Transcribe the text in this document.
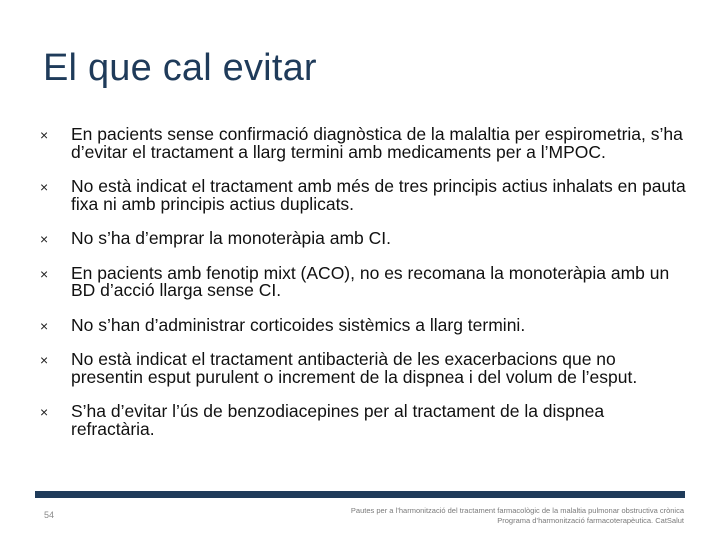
El que cal evitar
× En pacients sense confirmació diagnòstica de la malaltia per espirometria, s’ha d’evitar el tractament a llarg termini amb medicaments per a l’MPOC.
× No està indicat el tractament amb més de tres principis actius inhalats en pauta fixa ni amb principis actius duplicats.
× No s’ha d’emprar la monoteràpia amb CI.
× En pacients amb fenotip mixt (ACO), no es recomana la monoteràpia amb un BD d’acció llarga sense CI.
× No s’han d’administrar corticoides sistèmics a llarg termini.
× No està indicat el tractament antibacterià de les exacerbacions que no presentin esput purulent o increment de la dispnea i del volum de l’esput.
× S’ha d’evitar l’ús de benzodiacepines per al tractament de la dispnea refractària.
54	Pautes per a l’harmonització del tractament farmacològic de la malaltia pulmonar obstructiva crònica
Programa d’harmonització farmacoterapèutica. CatSalut
